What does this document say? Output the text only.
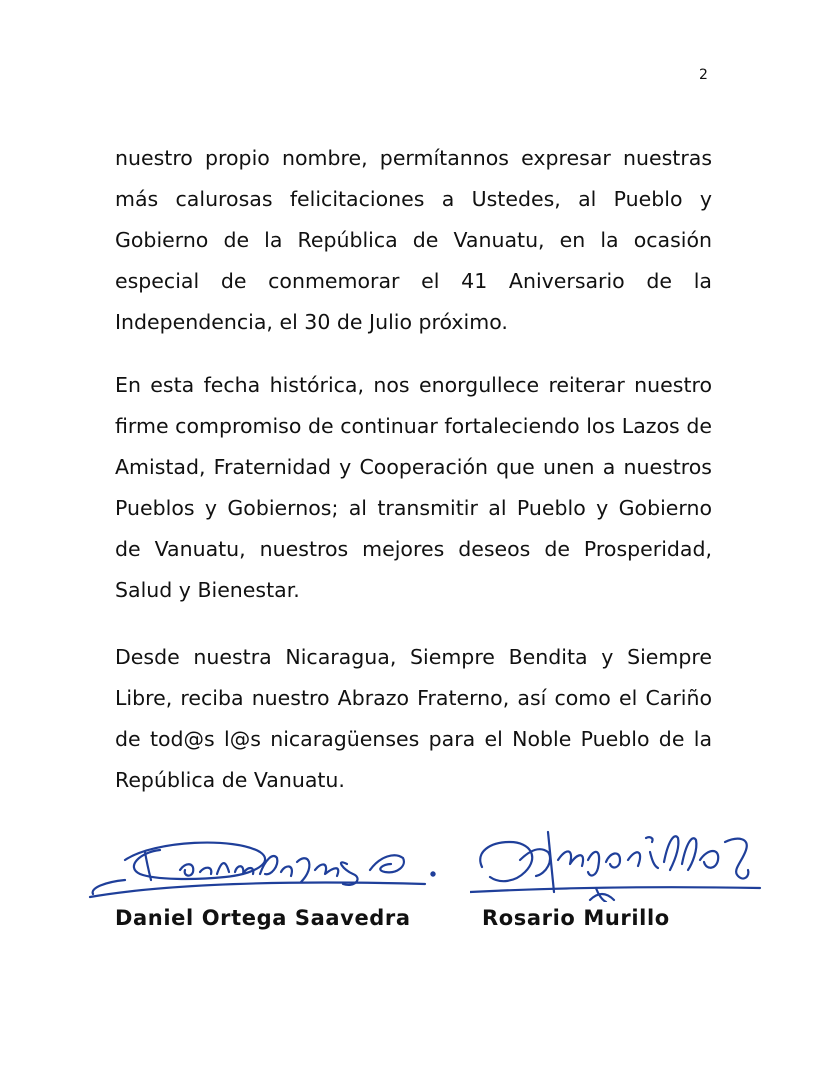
2

nuestro propio nombre, permítannos expresar nuestras más calurosas felicitaciones a Ustedes, al Pueblo y Gobierno de la República de Vanuatu, en la ocasión especial de conmemorar el 41 Aniversario de la Independencia, el 30 de Julio próximo.

En esta fecha histórica, nos enorgullece reiterar nuestro firme compromiso de continuar fortaleciendo los Lazos de Amistad, Fraternidad y Cooperación que unen a nuestros Pueblos y Gobiernos; al transmitir al Pueblo y Gobierno de Vanuatu, nuestros mejores deseos de Prosperidad, Salud y Bienestar.

Desde nuestra Nicaragua, Siempre Bendita y Siempre Libre, reciba nuestro Abrazo Fraterno, así como el Cariño de tod@s l@s nicaragüenses para el Noble Pueblo de la República de Vanuatu.

Daniel Ortega Saavedra	Rosario Murillo
